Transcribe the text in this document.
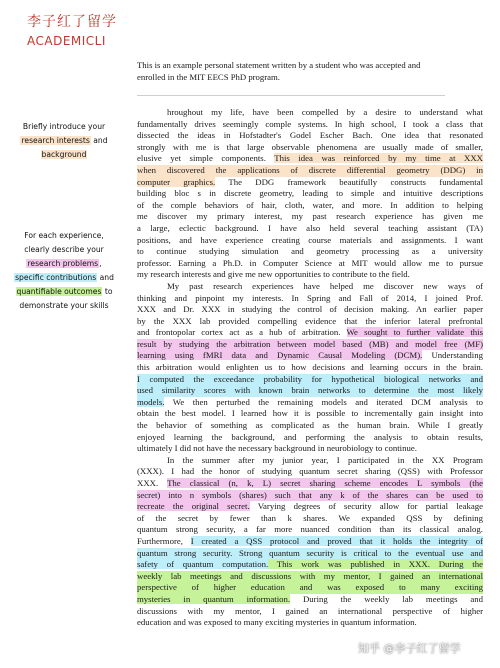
李子红了留学
ACADEMICLI
Briefly introduce your
research interests and
background
For each experience,
clearly describe your
research problems,
specific contributions and
quantifiable outcomes to
demonstrate your skills
This is an example personal statement written by a student who was accepted and
enrolled in the MIT EECS PhD program.
hroughout my life, have been compelled by a desire to understand what
fundamentally drives seemingly comple systems. In high school, I took a class that
dissected the ideas in Hofstadter's Godel Escher Bach. One idea that resonated
strongly with me is that large observable phenomena are usually made of smaller,
elusive yet simple components. This idea was reinforced by my time at XXX
when discovered the applications of discrete differential geometry (DDG) in
computer graphics. The DDG framework beautifully constructs fundamental
building bloc s in discrete geometry, leading to simple and intuitive descriptions
of the comple behaviors of hair, cloth, water, and more. In addition to helping
me discover my primary interest, my past research experience has given me
a large, eclectic background. I have also held several teaching assistant (TA)
positions, and have experience creating course materials and assignments. I want
to continue studying simulation and geometry processing as a university
professor. Earning a Ph.D. in Computer Science at MIT would allow me to pursue
my research interests and give me new opportunities to contribute to the field.
My past research experiences have helped me discover new ways of
thinking and pinpoint my interests. In Spring and Fall of 2014, I joined Prof.
XXX and Dr. XXX in studying the control of decision making. An earlier paper
by the XXX lab provided compelling evidence that the inferior lateral prefrontal
and frontopolar cortex act as a hub of arbitration. We sought to further validate this
result by studying the arbitration between model based (MB) and model free (MF)
learning using fMRI data and Dynamic Causal Modeling (DCM). Understanding
this arbitration would enlighten us to how decisions and learning occurs in the brain.
I computed the exceedance probability for hypothetical biological networks and
used similarity scores with known brain networks to determine the most likely
models. We then perturbed the remaining models and iterated DCM analysis to
obtain the best model. I learned how it is possible to incrementally gain insight into
the behavior of something as complicated as the human brain. While I greatly
enjoyed learning the background, and performing the analysis to obtain results,
ultimately I did not have the necessary background in neurobiology to continue.
In the summer after my junior year, I participated in the XX Program
(XXX). I had the honor of studying quantum secret sharing (QSS) with Professor
XXX. The classical (n, k, L) secret sharing scheme encodes L symbols (the
secret) into n symbols (shares) such that any k of the shares can be used to
recreate the original secret. Varying degrees of security allow for partial leakage
of the secret by fewer than k shares. We expanded QSS by defining
quantum strong security, a far more nuanced condition than its classical analog.
Furthermore, I created a QSS protocol and proved that it holds the integrity of
quantum strong security. Strong quantum security is critical to the eventual use and
safety of quantum computation. This work was published in XXX. During the
weekly lab meetings and discussions with my mentor, I gained an international
perspective of higher education and was exposed to many exciting
mysteries in quantum information. During the weekly lab meetings and
discussions with my mentor, I gained an international perspective of higher
education and was exposed to many exciting mysteries in quantum information.
知乎 @李子红了留学
